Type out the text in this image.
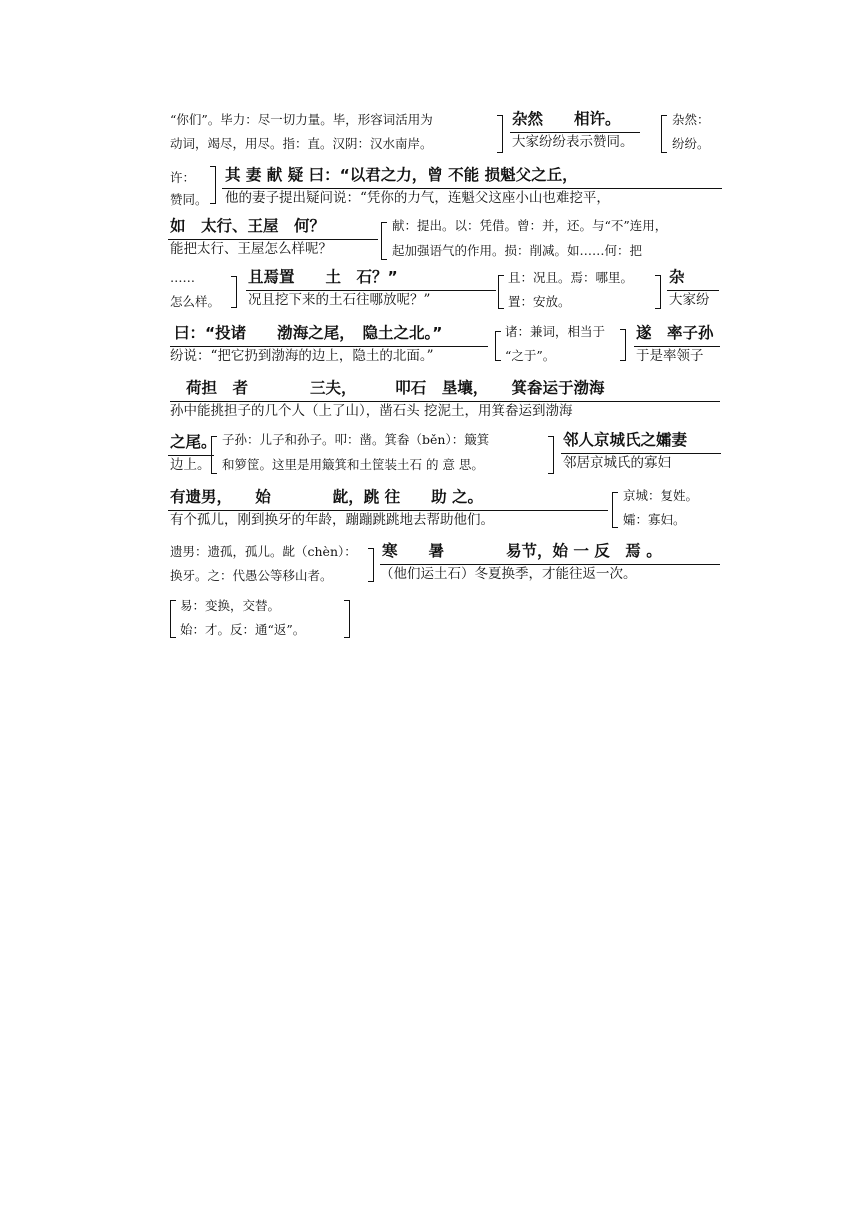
“你们”。毕力：尽一切力量。毕，形容词活用为
动词，竭尽，用尽。指：直。汉阴：汉水南岸。
杂然　　相许。
大家纷纷表示赞同。
杂然：
纷纷。
许：
赞同。
其 妻 献 疑 曰：“以君之力，曾 不能 损魁父之丘，
他的妻子提出疑问说：“凭你的力气，连魁父这座小山也难挖平，
如　太行、王屋　何？
能把太行、王屋怎么样呢？
献：提出。以：凭借。曾：并，还。与“不”连用，
起加强语气的作用。损：削减。如……何：把
……
怎么样。
且焉置　　土　石？”
况且挖下来的土石往哪放呢？”
且：况且。焉：哪里。
置：安放。
杂
大家纷
曰：“投诸　　渤海之尾，　隐土之北。”
纷说：“把它扔到渤海的边上，隐土的北面。”
诸：兼词，相当于
“之于”。
遂　率子孙
于是率领子
荷担　者　　　　三夫，　　　叩石　垦壤，　　箕畚运于渤海
孙中能挑担子的几个人（上了山），凿石头 挖泥土，用箕畚运到渤海
之尾。
边上。
子孙：儿子和孙子。叩：凿。箕畚（běn）：簸箕
和箩筐。这里是用簸箕和土筐装土石 的 意 思。
邻人京城氏之孀妻
邻居京城氏的寡妇
有遗男，　　始　　　　龀，跳 往　　助 之。
有个孤儿，刚到换牙的年龄，蹦蹦跳跳地去帮助他们。
京城：复姓。
孀：寡妇。
遗男：遗孤，孤儿。龀（chèn）：
换牙。之：代愚公等移山者。
寒　　暑　　　　易节，始 一 反　焉 。
（他们运土石）冬夏换季，才能往返一次。
易：变换，交替。
始：才。反：通“返”。
